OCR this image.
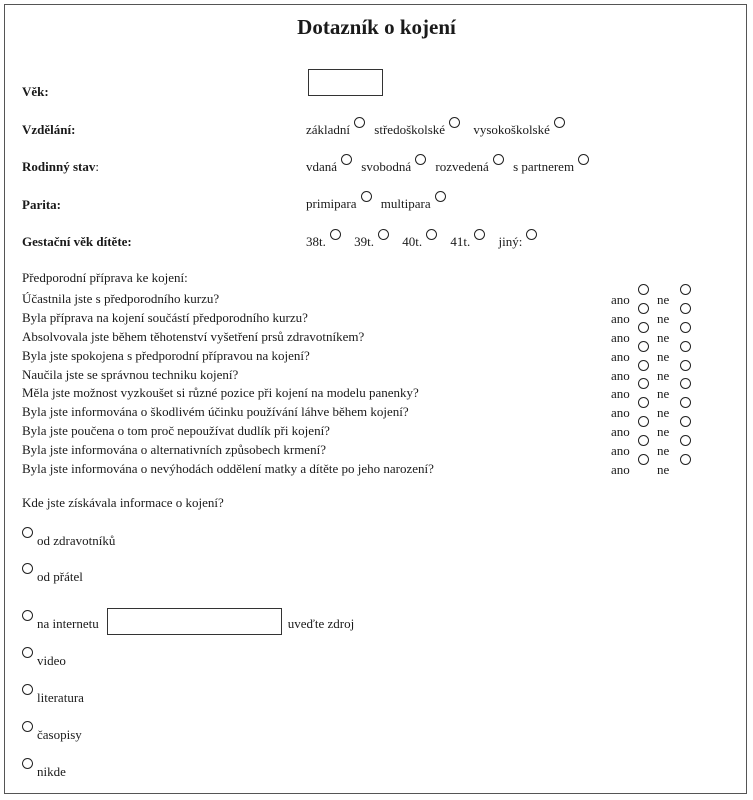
Dotazník o kojení
Věk:
Vzdělání:	základní
středoškolské
vysokoškolské
Rodinný stav:	vdaná
svobodná
rozvedená
s partnerem
Parita:	primipara
multipara
Gestační věk dítěte:	38t.
39t.
40t.
41t.
jiný:
Předporodní příprava ke kojení:
Účastnila jste s předporodního kurzu?	ano ne
Byla příprava na kojení součástí předporodního kurzu?	ano ne
Absolvovala jste během těhotenství vyšetření prsů zdravotníkem?	ano ne
Byla jste spokojena s předporodní přípravou na kojení?	ano ne
Naučila jste se správnou techniku kojení?	ano ne
Měla jste možnost vyzkoušet si různé pozice při kojení na modelu panenky?	ano ne
Byla jste informována o škodlivém účinku používání láhve během kojení?	ano ne
Byla jste poučena o tom proč nepoužívat dudlík při kojení?	ano ne
Byla jste informována o alternativních způsobech krmení?	ano ne
Byla jste informována o nevýhodách oddělení matky a dítěte po jeho narození?	ano ne
Kde jste získávala informace o kojení?
od zdravotníků
od přátel
na internetu	uveďte zdroj
video
literatura
časopisy
nikde
